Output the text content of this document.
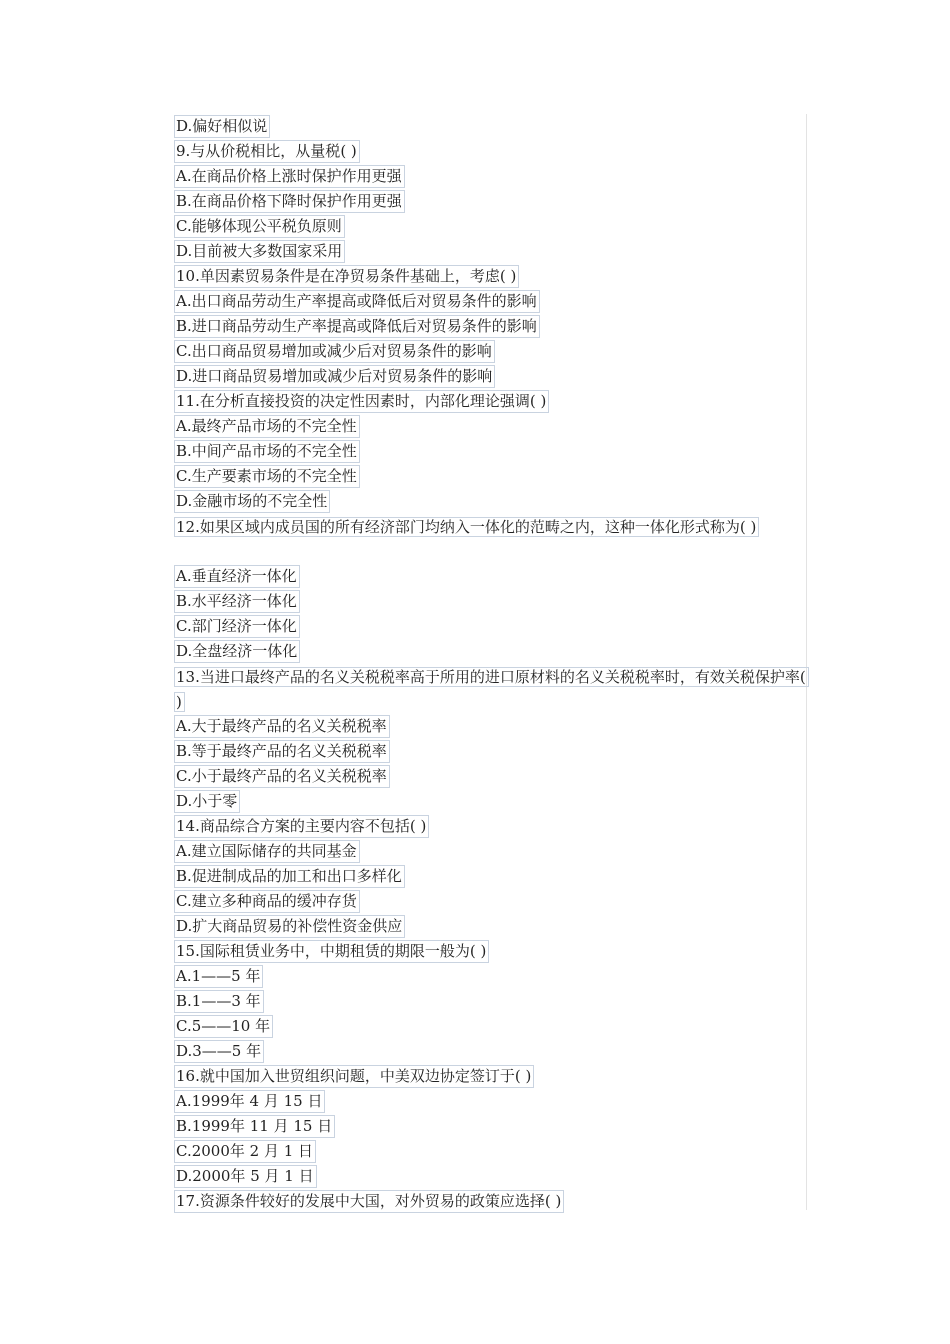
D.偏好相似说
9.与从价税相比，从量税( )
A.在商品价格上涨时保护作用更强
B.在商品价格下降时保护作用更强
C.能够体现公平税负原则
D.目前被大多数国家采用
10.单因素贸易条件是在净贸易条件基础上，考虑( )
A.出口商品劳动生产率提高或降低后对贸易条件的影响
B.进口商品劳动生产率提高或降低后对贸易条件的影响
C.出口商品贸易增加或减少后对贸易条件的影响
D.进口商品贸易增加或减少后对贸易条件的影响
11.在分析直接投资的决定性因素时，内部化理论强调( )
A.最终产品市场的不完全性
B.中间产品市场的不完全性
C.生产要素市场的不完全性
D.金融市场的不完全性
12.如果区域内成员国的所有经济部门均纳入一体化的范畴之内，这种一体化形式称为( )
A.垂直经济一体化
B.水平经济一体化
C.部门经济一体化
D.全盘经济一体化
13.当进口最终产品的名义关税税率高于所用的进口原材料的名义关税税率时，有效关税保护率( )
A.大于最终产品的名义关税税率
B.等于最终产品的名义关税税率
C.小于最终产品的名义关税税率
D.小于零
14.商品综合方案的主要内容不包括( )
A.建立国际储存的共同基金
B.促进制成品的加工和出口多样化
C.建立多种商品的缓冲存货
D.扩大商品贸易的补偿性资金供应
15.国际租赁业务中，中期租赁的期限一般为( )
A.1——5 年
B.1——3 年
C.5——10 年
D.3——5 年
16.就中国加入世贸组织问题，中美双边协定签订于( )
A.1999年 4 月 15 日
B.1999年 11 月 15 日
C.2000年 2 月 1 日
D.2000年 5 月 1 日
17.资源条件较好的发展中大国，对外贸易的政策应选择( )
